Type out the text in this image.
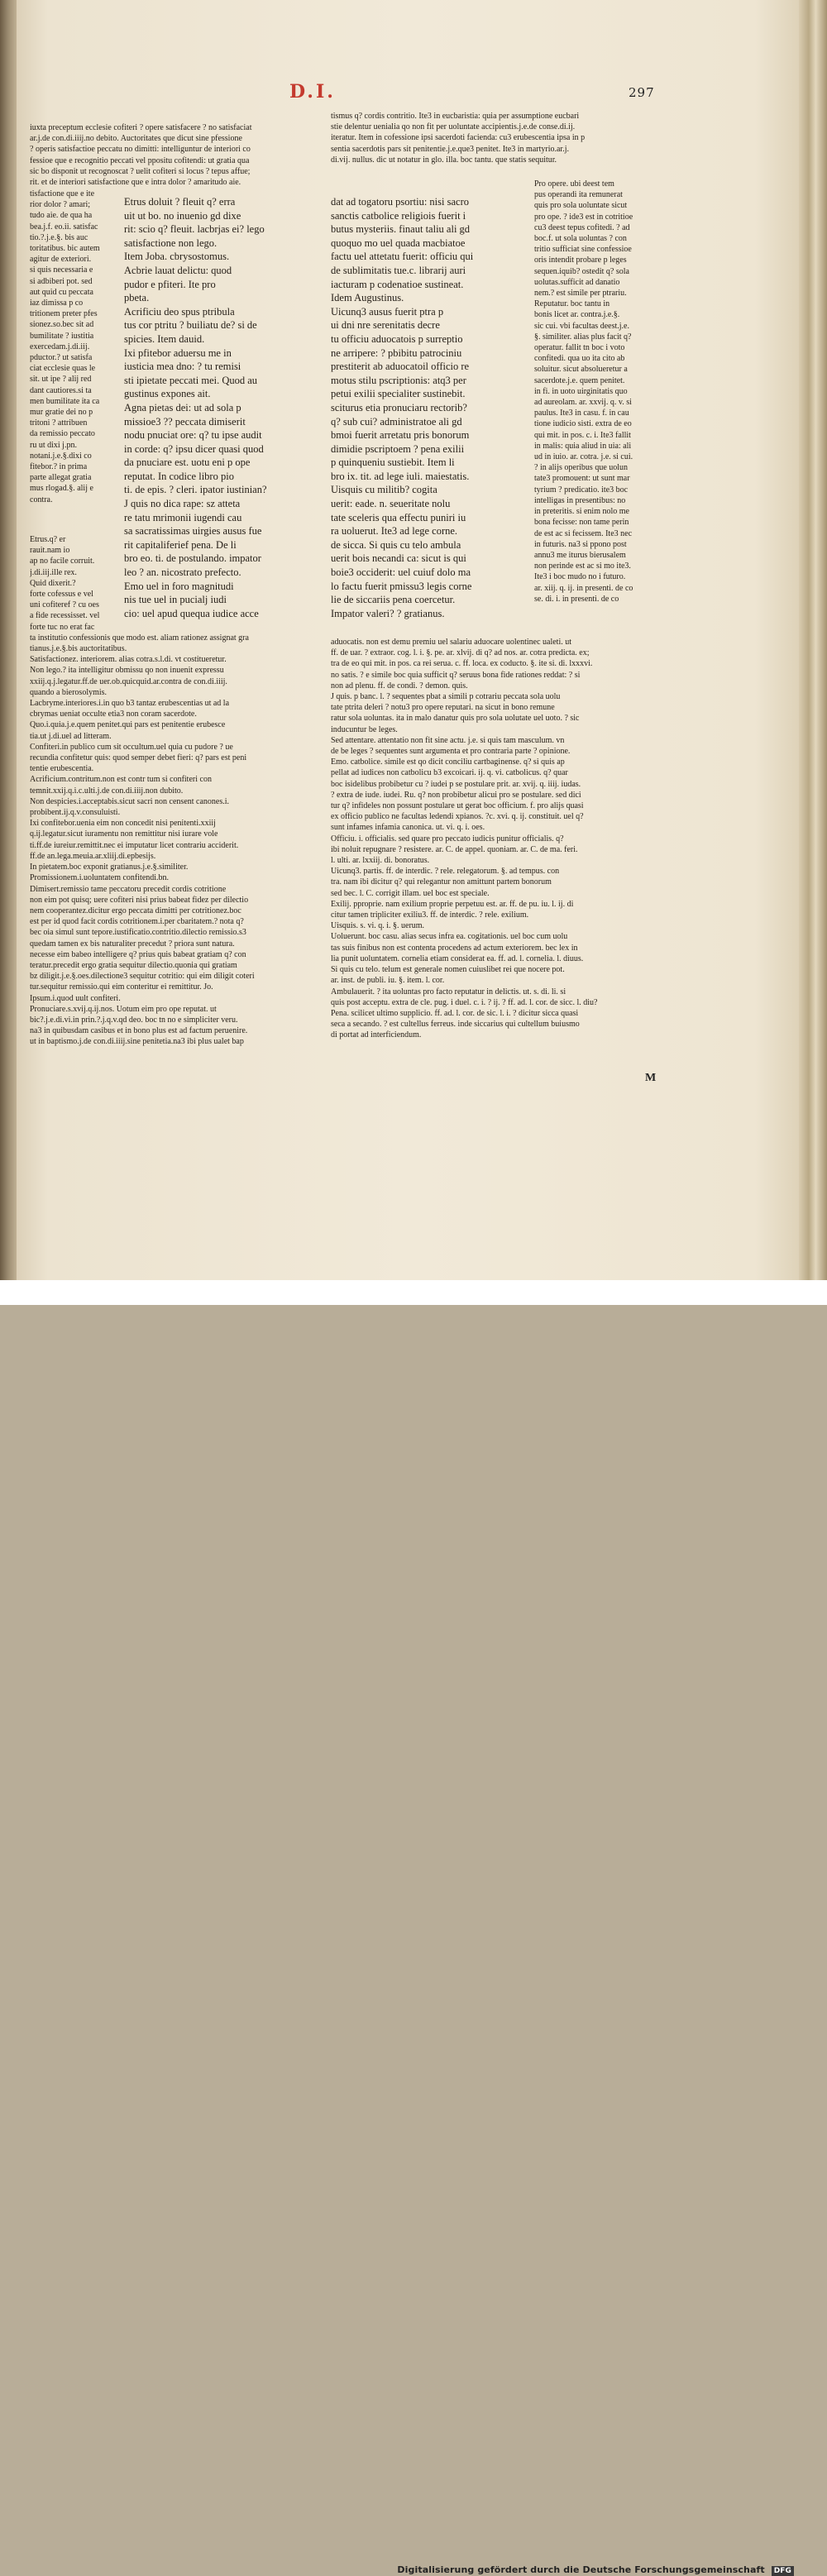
D.I.	297
iuxta preceptum ecclesie cofiteri ? opere satisfacere ? no satisfaciat
ar.j.de con.di.iiij.no debito. Auctoritates que dicut sine pfessione
? operis satisfactioe peccatu no dimitti: intelliguntur de interiori co
fessioe que e recognitio peccati vel ppositu cofitendi: ut gratia qua
sic bo disponit ut recognoscat ? uelit cofiteri si locus ? tepus affue;
rit. et de interiori satisfactione que e intra dolor ? amaritudo aie.
tisfactione que e ite
rior dolor ? amari;
tudo aie. de qua ha
bea.j.f. eo.ii. satisfac
tio.?.j.e.§. bis auc
toritatibus. bic autem
agitur de exteriori.
si quis necessaria e
si adbiberi pot. sed
aut quid cu peccata
iaz dimissa p co
tritionem preter pfes
sionez.so.bec sit ad
bumilitate ? iustitia
exercedam.j.di.iij.
pductor.? ut satisfa
ciat ecclesie quas le
sit. ut ipe ? alij red
dant cautiores.si ta
men bumilitate ita ca
mur gratie dei no p
tritoni ? attribuen
da remissio peccato
ru ut dixi j.pn.
notani.j.e.§.dixi co
fitebor.? in prima
parte allegat gratia
mus rlogad.§. alij e
contra.
Etrus doluit ? fleuit q? erra
uit ut bo. no inuenio gd dixe
rit: scio q? fleuit. lacbrjas ei? lego
satisfactione non lego.
Item Joba. cbrysostomus.
Acbrie lauat delictu: quod
pudor e pfiteri. Ite pro
pbeta.
Acrificiu deo spus ptribula
tus cor ptritu ? builiatu de? si de
spicies. Item dauid.
Ixi pfitebor aduersu me in
iusticia mea dno: ? tu remisi
sti ipietate peccati mei. Quod au
gustinus expones ait.
Agna pietas dei: ut ad sola p
missioe3 ?? peccata dimiserit
nodu pnuciat ore: q? tu ipse audit
in corde: q? ipsu dicer quasi quod
da pnuciare est. uotu eni p ope
reputat. In codice libro pio
ti. de epis. ? cleri. ipator iustinian?
J quis no dica rape: sz atteta
re tatu mrimonii iugendi cau
sa sacratissimas uirgies ausus fue
rit capitaliferief pena. De li
bro eo. ti. de postulando. impator
leo ? an. nicostrato prefecto.
Emo uel in foro magnitudi
nis tue uel in pucialj iudi
cio: uel apud quequa iudice acce
Etrus.q? er
rauit.nam io
ap no facile corruit.
j.di.iij.ille rex.
Quid dixerit.?
forte cofessus e vel
uni cofiteref ? cu oes
a fide recessisset. vel
forte tuc no erat fac
ta institutio confessionis que modo est. aliam rationez assignat gra
tianus.j.e.§.bis auctoritatibus.
Satisfactionez. interiorem. alias cotra.s.l.di. vt costitueretur.
Non lego.? ita intelligitur obmissu qo non inuenit expressu
xxiij.q.j.legatur.ff.de uer.ob.quicquid.ar.contra de con.di.iiij.
quando a bierosolymis.
Lacbryme.interiores.i.in quo b3 tantaz erubescentias ut ad la
cbrymas ueniat occulte etia3 non coram sacerdote.
Quo.i.quia.j.e.quem penitet.qui pars est penitentie erubesce
tia.ut j.di.uel ad litteram.
Confiteri.in publico cum sit occultum.uel quia cu pudore ? ue
recundia confitetur quis: quod semper debet fieri: q? pars est peni
tentie erubescentia.
Acrificium.contritum.non est contr tum si confiteri con
temnit.xxij.q.i.c.ulti.j.de con.di.iiij.non dubito.
Non despicies.i.acceptabis.sicut sacri non censent canones.i.
probibent.ij.q.v.consuluisti.
Ixi confitebor.uenia eim non concedit nisi penitenti.xxiij
q.ij.legatur.sicut iuramentu non remittitur nisi iurare vole
ti.ff.de iureiur.remittit.nec ei imputatur licet contrariu acciderit.
ff.de an.lega.meuia.ar.xliij.di.epbesijs.
In pietatem.boc exponit gratianus.j.e.§.similiter.
Promissionem.i.uoluntatem confitendi.bn.
Dimisert.remissio tame peccatoru precedit cordis cotritione
non eim pot quisq; uere cofiteri nisi prius babeat fidez per dilectio
nem cooperantez.dicitur ergo peccata dimitti per cotritionez.boc
est per id quod facit cordis cotritionem.i.per cbaritatem.? nota q?
bec oia simul sunt tepore.iustificatio.contritio.dilectio remissio.s3
quedam tamen ex bis naturaliter precedut ? priora sunt natura.
necesse eim babeo intelligere q? prius quis babeat gratiam q? con
teratur.precedit ergo gratia sequitur dilectio.quonia qui gratiam
bz diligit.j.e.§.oes.dilectione3 sequitur cotritio: qui eim diligit coteri
tur.sequitur remissio.qui eim conteritur ei remittitur. Jo.
Ipsum.i.quod uult confiteri.
Pronuciare.s.xvij.q.ij.nos. Uotum eim pro ope reputat. ut
bic?.j.e.di.vi.in prin.?.j.q.v.qd deo. boc tn no e simpliciter veru.
na3 in quibusdam casibus et in bono plus est ad factum peruenire.
ut in baptismo.j.de con.di.iiij.sine penitetia.na3 ibi plus ualet bap
tismus q? cordis contritio. Ite3 in eucbaristia: quia per assumptione eucbari
stie delentur uenialia qo non fit per uoluntate accipientis.j.e.de conse.di.ij.
iteratur. Item in cofessione ipsi sacerdoti facienda: cu3 erubescentia ipsa in p
sentia sacerdotis pars sit penitentie.j.e.que3 penitet. Ite3 in martyrio.ar.j.
di.vij. nullus. dic ut notatur in glo. illa. boc tantu. que statis sequitur.
dat ad togatoru psortiu: nisi sacro
sanctis catbolice religiois fuerit i
butus mysteriis. finaut taliu ali gd
quoquo mo uel quada macbiatoe
factu uel attetatu fuerit: officiu qui
de sublimitatis tue.c. librarij auri
iacturam p codenatioe sustineat.
Idem Augustinus.
Uicunq3 ausus fuerit ptra p
ui dni nre serenitatis decre
tu officiu aduocatois p surreptio
ne arripere: ? pbibitu patrociniu
prestiterit ab aduocatoil officio re
motus stilu pscriptionis: atq3 per
petui exilii specialiter sustinebit.
sciturus etia pronuciaru rectorib?
q? sub cui? administratoe ali gd
bmoi fuerit arretatu pris bonorum
dimidie pscriptoem ? pena exilii
p quinqueniu sustiebit. Item li
bro ix. tit. ad lege iuli. maiestatis.
Uisquis cu militib? cogita
uerit: eade. n. seueritate nolu
tate sceleris qua effectu puniri iu
ra uoluerut. Ite3 ad lege corne.
de sicca. Si quis cu telo ambula
uerit bois necandi ca: sicut is qui
boie3 occiderit: uel cuiuf dolo ma
lo factu fuerit pmissu3 legis corne
lie de siccariis pena coercetur.
Impator valeri? ? gratianus.
Pro opere. ubi deest tem
pus operandi ita remunerat
quis pro sola uoluntate sicut
pro ope. ? ide3 est in cotritioe
cu3 deest tepus cofitedi. ? ad
boc.f. ut sola uoluntas ? con
tritio sufficiat sine confessioe
oris intendit probare p leges
sequen.iquib? ostedit q? sola
uolutas.sufficit ad danatio
nem.? est simile per ptrariu.
Reputatur. boc tantu in
bonis licet ar. contra.j.e.§.
sic cui. vbi facultas deest.j.e.
§. similiter. alias plus facit q?
operatur. fallit tn boc i voto
confitedi. qua uo ita cito ab
soluitur. sicut absolueretur a
sacerdote.j.e. quem penitet.
in fi. in uoto uirginitatis quo
ad aureolam. ar. xxvij. q. v. si
paulus. Ite3 in casu. f. in cau
tione iudicio sisti. extra de eo
qui mit. in pos. c. i. Ite3 fallit
in malis: quia aliud in uia: ali
ud in iuio. ar. cotra. j.e. si cui.
? in alijs operibus que uolun
tate3 promouent: ut sunt mar
tyrium ? predicatio. ite3 boc
intelligas in presentibus: no
in preteritis. si enim nolo me
bona fecisse: non tame perin
de est ac si fecissem. Ite3 nec
in futuris. na3 si ppono post
annu3 me iturus bierusalem
non perinde est ac si mo ite3.
Ite3 i boc mudo no i futuro.
ar. xiij. q. ij. in presenti. de co
se. di. i. in presenti. de co
aduocatis. non est demu premiu uel salariu aduocare uolentinec ualeti. ut
ff. de uar. ? extraor. cog. l. i. §. pe. ar. xlvij. di q? ad nos. ar. cotra predicta. ex;
tra de eo qui mit. in pos. ca rei serua. c. ff. loca. ex coducto. §. ite si. di. lxxxvi.
no satis. ? e simile boc quia sufficit q? seruus bona fide rationes reddat: ? si
non ad plenu. ff. de condi. ? demon. quis.
J quis. p banc. l. ? sequentes pbat a simili p cotrariu peccata sola uolu
tate ptrita deleri ? notu3 pro opere reputari. na sicut in bono remune
ratur sola uoluntas. ita in malo danatur quis pro sola uolutate uel uoto. ? sic
inducuntur be leges.
Sed attentare. attentatio non fit sine actu. j.e. si quis tam masculum. vn
de be leges ? sequentes sunt argumenta et pro contraria parte ? opinione.
Emo. catbolice. simile est qo dicit conciliu cartbaginense. q? si quis ap
pellat ad iudices non catbolicu b3 excoicari. ij. q. vi. catbolicus. q? quar
boc isidelibus probibetur cu ? iudei p se postulare prit. ar. xvij. q. iiij. iudas.
? extra de iude. iudei. Ru. q? non probibetur alicui pro se postulare. sed dici
tur q? infideles non possunt postulare ut gerat boc officium. f. pro alijs quasi
ex officio publico ne facultas ledendi xpianos. ?c. xvi. q. ij. constituit. uel q?
sunt infames infamia canonica. ut. vi. q. i. oes.
Officiu. i. officialis. sed quare pro peccato iudicis punitur officialis. q?
ibi noluit repugnare ? resistere. ar. C. de appel. quoniam. ar. C. de ma. feri.
l. ulti. ar. lxxiij. di. bonoratus.
Uicunq3. partis. ff. de interdic. ? rele. relegatorum. §. ad tempus. con
tra. nam ibi dicitur q? qui relegantur non amittunt partem bonorum
sed bec. l. C. corrigit illam. uel boc est speciale.
Exilij. pproprie. nam exilium proprie perpetuu est. ar. ff. de pu. iu. l. ij. di
citur tamen tripliciter exiliu3. ff. de interdic. ? rele. exilium.
Uisquis. s. vi. q. i. §. uerum.
Uoluerunt. boc casu. alias secus infra ea. cogitationis. uel boc cum uolu
tas suis finibus non est contenta procedens ad actum exteriorem. bec lex in
lia punit uoluntatem. cornelia etiam considerat ea. ff. ad. l. cornelia. l. diuus.
Si quis cu telo. telum est generale nomen cuiuslibet rei que nocere pot.
ar. inst. de publi. iu. §. item. l. cor.
Ambulauerit. ? ita uoluntas pro facto reputatur in delictis. ut. s. di. li. si
quis post acceptu. extra de cle. pug. i duel. c. i. ? ij. ? ff. ad. l. cor. de sicc. l. diu?
Pena. scilicet ultimo supplicio. ff. ad. l. cor. de sic. l. i. ? dicitur sicca quasi
seca a secando. ? est cultellus ferreus. inde siccarius qui cultellum buiusmo
di portat ad interficiendum.
M
Digitalisierung gefördert durch die Deutsche Forschungsgemeinschaft DFG
